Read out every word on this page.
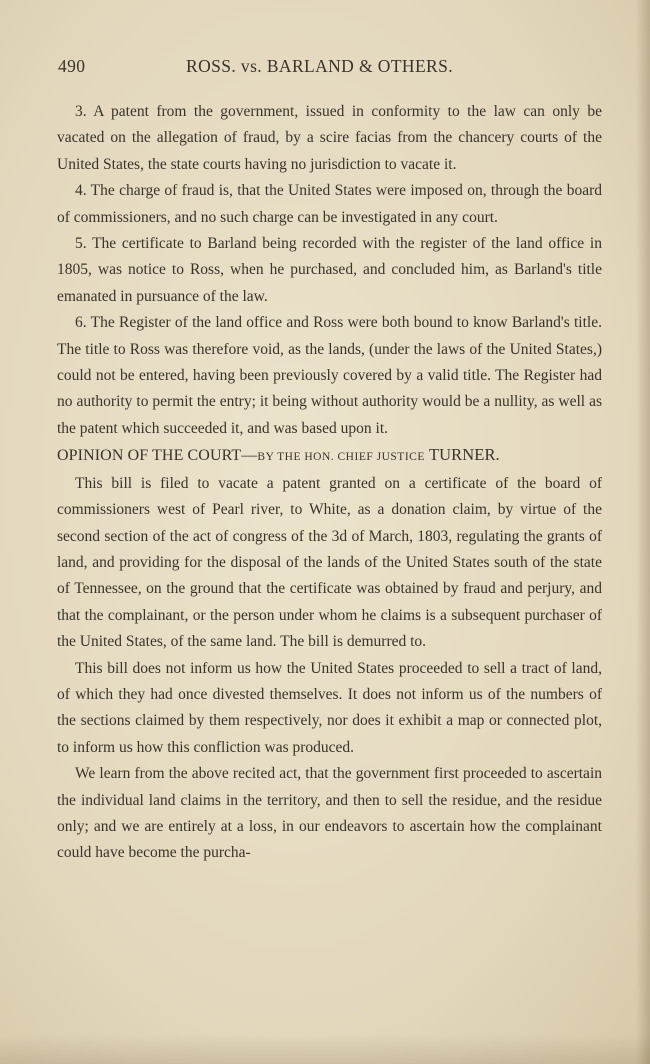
490	ROSS. vs. BARLAND & OTHERS.

3. A patent from the government, issued in conformity to the law can only be vacated on the allegation of fraud, by a scire facias from the chancery courts of the United States, the state courts having no jurisdiction to vacate it.

4. The charge of fraud is, that the United States were imposed on, through the board of commissioners, and no such charge can be investigated in any court.

5. The certificate to Barland being recorded with the register of the land office in 1805, was notice to Ross, when he purchased, and concluded him, as Barland's title emanated in pursuance of the law.

6. The Register of the land office and Ross were both bound to know Barland's title. The title to Ross was therefore void, as the lands, (under the laws of the United States,) could not be entered, having been previously covered by a valid title. The Register had no authority to permit the entry; it being without authority would be a nullity, as well as the patent which succeeded it, and was based upon it.

OPINION OF THE COURT—BY THE HON. CHIEF JUSTICE TURNER.

This bill is filed to vacate a patent granted on a certificate of the board of commissioners west of Pearl river, to White, as a donation claim, by virtue of the second section of the act of congress of the 3d of March, 1803, regulating the grants of land, and providing for the disposal of the lands of the United States south of the state of Tennessee, on the ground that the certificate was obtained by fraud and perjury, and that the complainant, or the person under whom he claims is a subsequent purchaser of the United States, of the same land. The bill is demurred to.

This bill does not inform us how the United States proceeded to sell a tract of land, of which they had once divested themselves. It does not inform us of the numbers of the sections claimed by them respectively, nor does it exhibit a map or connected plot, to inform us how this confliction was produced.

We learn from the above recited act, that the government first proceeded to ascertain the individual land claims in the territory, and then to sell the residue, and the residue only; and we are entirely at a loss, in our endeavors to ascertain how the complainant could have become the purcha-
